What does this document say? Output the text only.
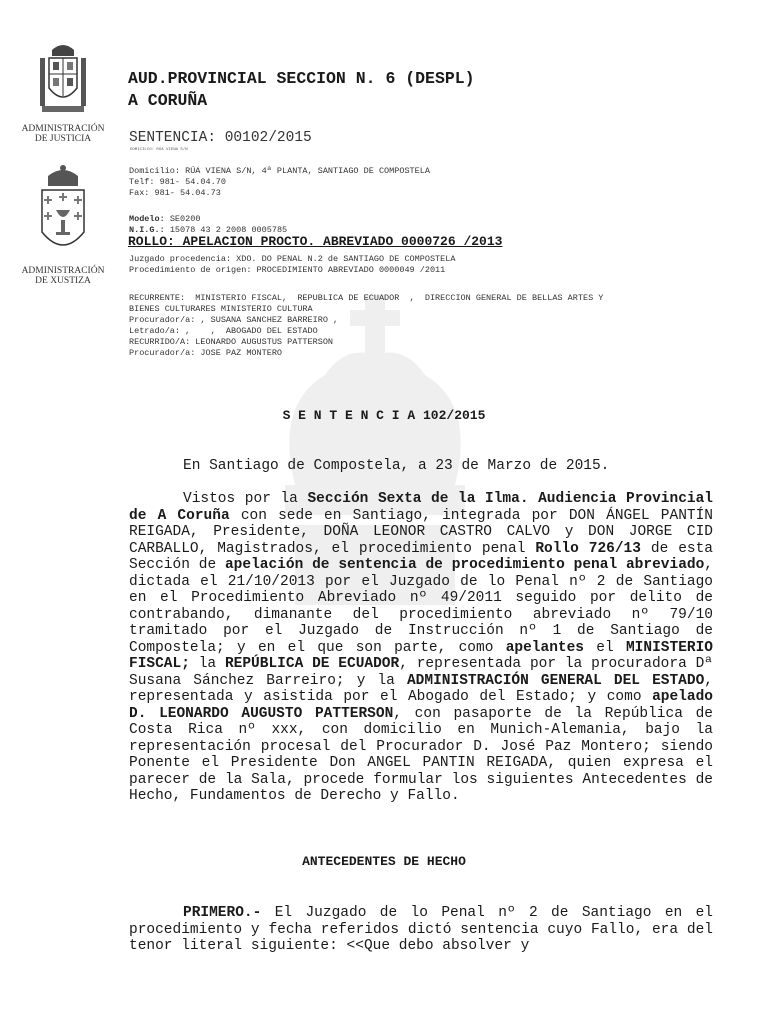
ADMINISTRACIÓN
DE JUSTICIA
ADMINISTRACIÓN
DE XUSTIZA
AUD.PROVINCIAL SECCION N. 6 (DESPL)
A CORUÑA
SENTENCIA: 00102/2015
DOMICILIO: RÚA VIENA S/N
Domicilio: RÚA VIENA S/N, 4ª PLANTA, SANTIAGO DE COMPOSTELA
Telf: 981- 54.04.70
Fax: 981- 54.04.73
Modelo: SE0200
N.I.G.: 15078 43 2 2008 0005785
ROLLO: APELACION PROCTO. ABREVIADO 0000726 /2013
Juzgado procedencia: XDO. DO PENAL N.2 de SANTIAGO DE COMPOSTELA
Procedimiento de origen: PROCEDIMIENTO ABREVIADO 0000049 /2011
RECURRENTE:  MINISTERIO FISCAL,  REPUBLICA DE ECUADOR  ,  DIRECCION GENERAL DE BELLAS ARTES Y
BIENES CULTURARES MINISTERIO CULTURA
Procurador/a: , SUSANA SANCHEZ BARREIRO ,
Letrado/a: ,    ,  ABOGADO DEL ESTADO
RECURRIDO/A: LEONARDO AUGUSTUS PATTERSON
Procurador/a: JOSE PAZ MONTERO
S E N T E N C I A 102/2015

En Santiago de Compostela, a 23 de Marzo de 2015.

Vistos por la Sección Sexta de la Ilma. Audiencia Provincial de A Coruña con sede en Santiago, integrada por DON ÁNGEL PANTÍN REIGADA, Presidente, DOÑA LEONOR CASTRO CALVO y DON JORGE CID CARBALLO, Magistrados, el procedimiento penal Rollo 726/13 de esta Sección de apelación de sentencia de procedimiento penal abreviado, dictada el 21/10/2013 por el Juzgado de lo Penal nº 2 de Santiago en el Procedimiento Abreviado nº 49/2011 seguido por delito de contrabando, dimanante del procedimiento abreviado nº 79/10 tramitado por el Juzgado de Instrucción nº 1 de Santiago de Compostela; y en el que son parte, como apelantes el MINISTERIO FISCAL; la REPÚBLICA DE ECUADOR, representada por la procuradora Dª Susana Sánchez Barreiro; y la ADMINISTRACIÓN GENERAL DEL ESTADO, representada y asistida por el Abogado del Estado; y como apelado D. LEONARDO AUGUSTO PATTERSON, con pasaporte de la República de Costa Rica nº xxx, con domicilio en Munich-Alemania, bajo la representación procesal del Procurador D. José Paz Montero; siendo Ponente el Presidente Don ANGEL PANTIN REIGADA, quien expresa el parecer de la Sala, procede formular los siguientes Antecedentes de Hecho, Fundamentos de Derecho y Fallo.

ANTECEDENTES DE HECHO

PRIMERO.- El Juzgado de lo Penal nº 2 de Santiago en el procedimiento y fecha referidos dictó sentencia cuyo Fallo, era del tenor literal siguiente: <<Que debo absolver y
